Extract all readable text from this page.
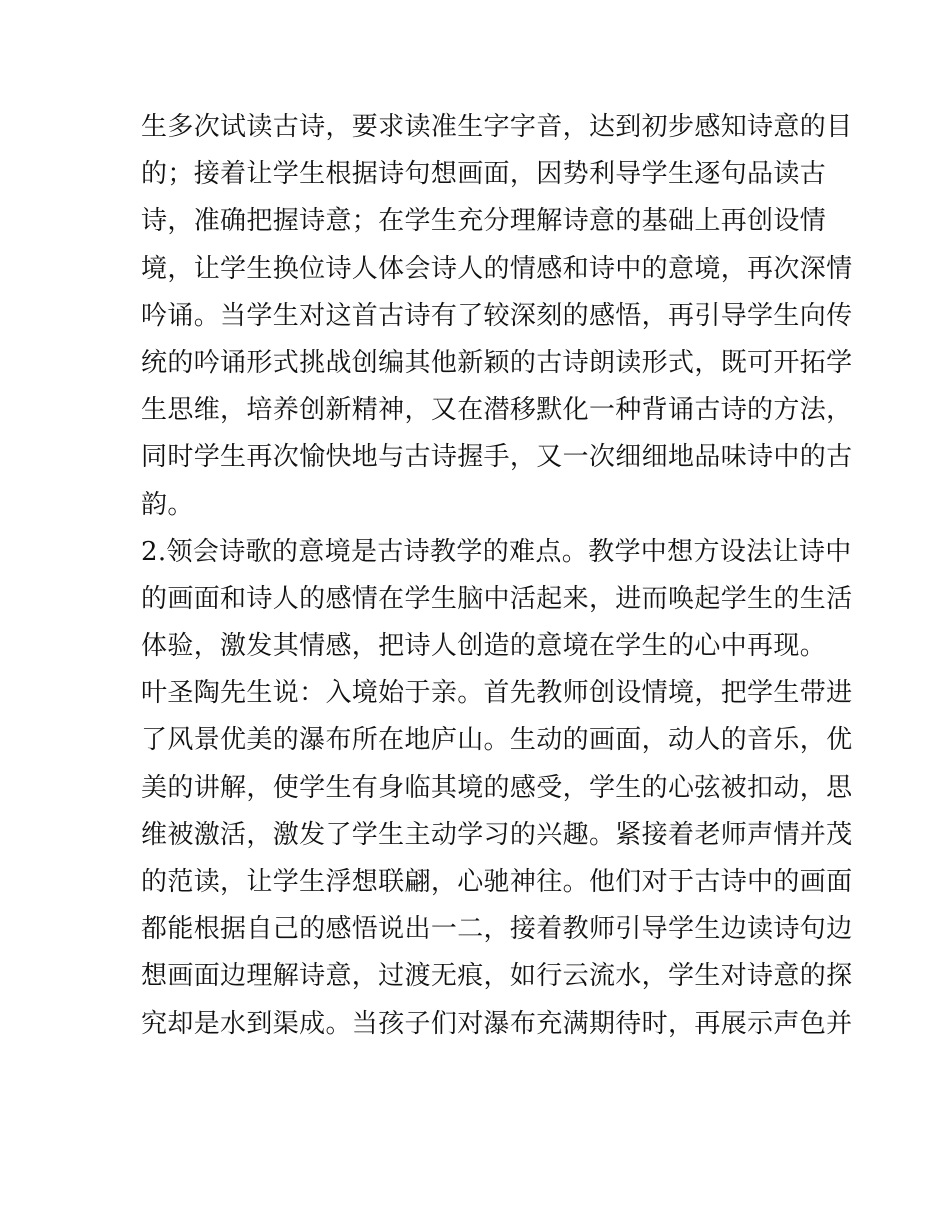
生多次试读古诗，要求读准生字字音，达到初步感知诗意的目
的；接着让学生根据诗句想画面，因势利导学生逐句品读古
诗，准确把握诗意；在学生充分理解诗意的基础上再创设情
境，让学生换位诗人体会诗人的情感和诗中的意境，再次深情
吟诵。当学生对这首古诗有了较深刻的感悟，再引导学生向传
统的吟诵形式挑战创编其他新颖的古诗朗读形式，既可开拓学
生思维，培养创新精神，又在潜移默化一种背诵古诗的方法，
同时学生再次愉快地与古诗握手，又一次细细地品味诗中的古
韵。
2.领会诗歌的意境是古诗教学的难点。教学中想方设法让诗中
的画面和诗人的感情在学生脑中活起来，进而唤起学生的生活
体验，激发其情感，把诗人创造的意境在学生的心中再现。
叶圣陶先生说：入境始于亲。首先教师创设情境，把学生带进
了风景优美的瀑布所在地庐山。生动的画面，动人的音乐，优
美的讲解，使学生有身临其境的感受，学生的心弦被扣动，思
维被激活，激发了学生主动学习的兴趣。紧接着老师声情并茂
的范读，让学生浮想联翩，心驰神往。他们对于古诗中的画面
都能根据自己的感悟说出一二，接着教师引导学生边读诗句边
想画面边理解诗意，过渡无痕，如行云流水，学生对诗意的探
究却是水到渠成。当孩子们对瀑布充满期待时，再展示声色并
